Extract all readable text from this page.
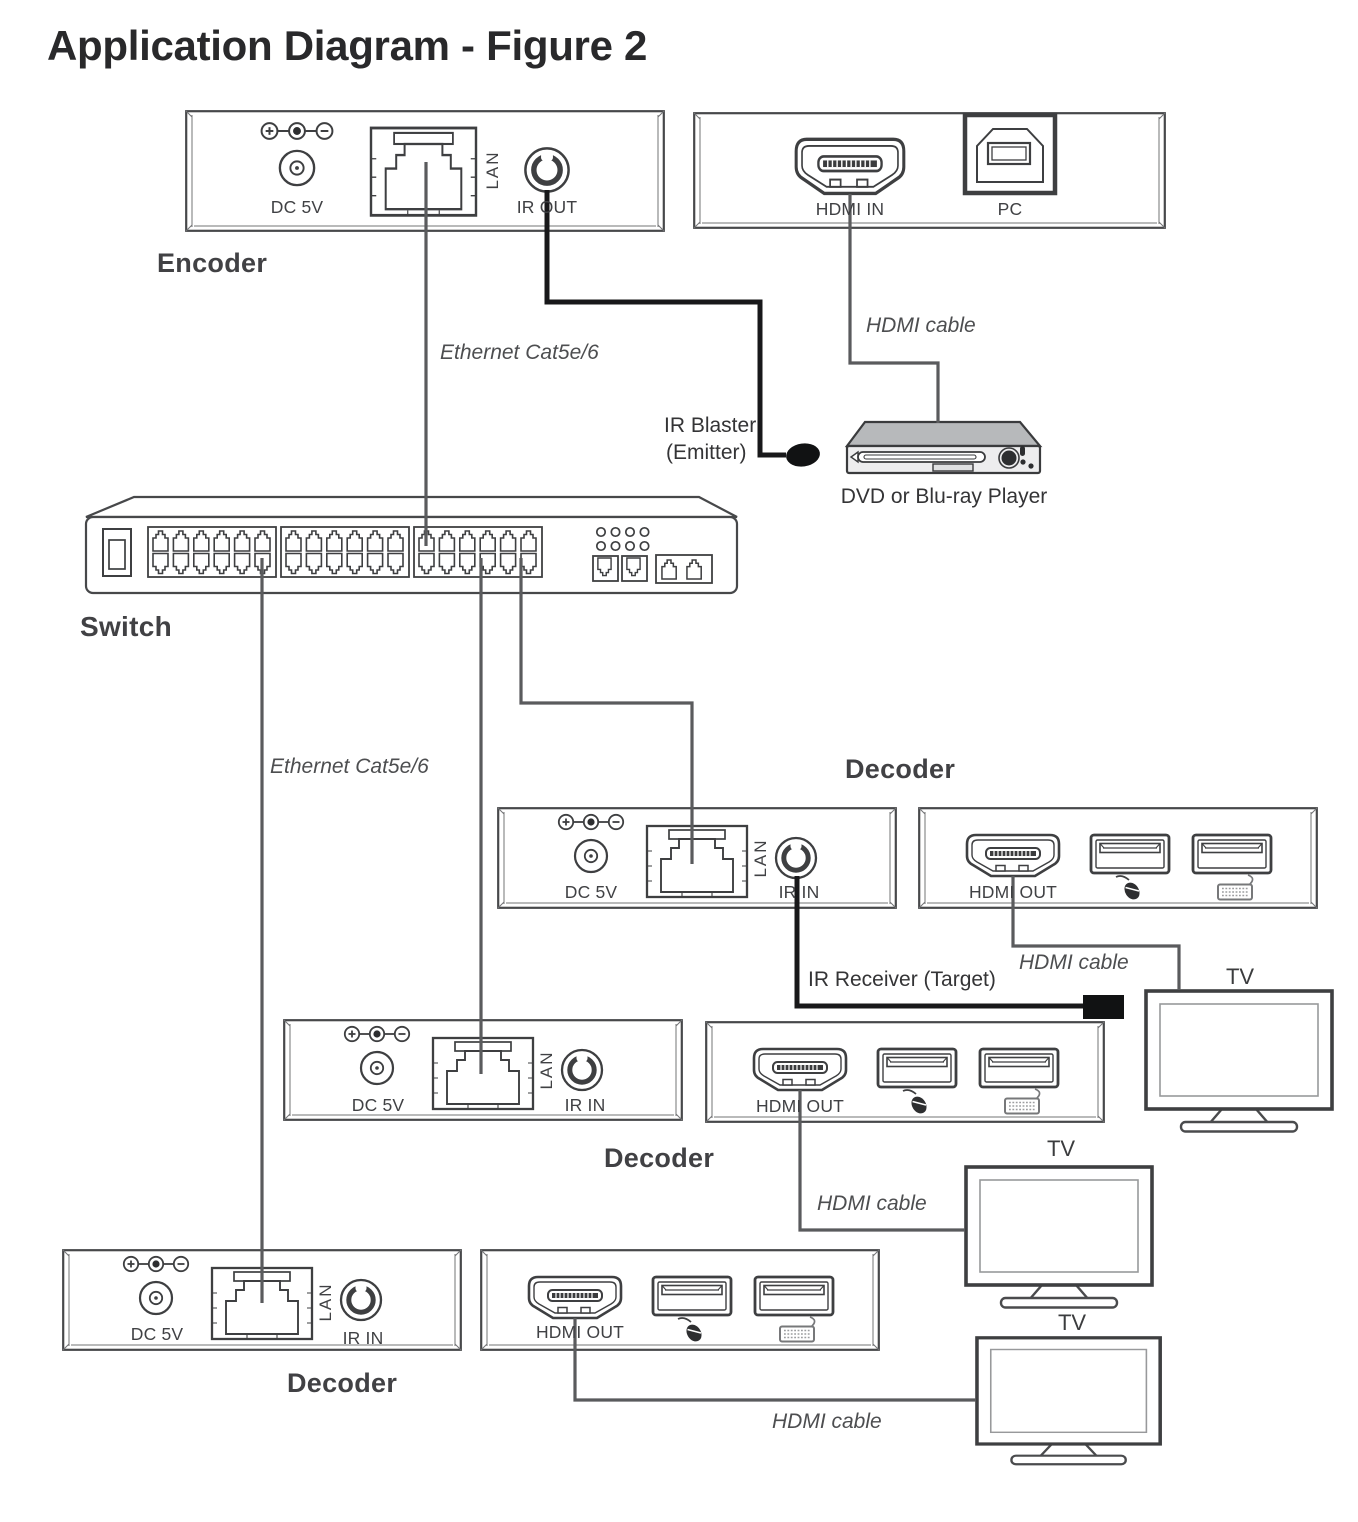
Application Diagram - Figure 2
DC 5V
LAN
IR OUT
Encoder
HDMI IN	PC
Ethernet Cat5e/6
HDMI cable
IR Blaster
(Emitter)
DVD or Blu-ray Player
Switch
Ethernet Cat5e/6	Decoder
DC 5V
LAN
IR IN	HDMI OUT
IR Receiver (Target)
HDMI cable
TV
Decoder
DC 5V
LAN
IR IN	HDMI OUT
HDMI cable
TV
Decoder
DC 5V
LAN
IR IN	HDMI OUT
HDMI cable
TV
